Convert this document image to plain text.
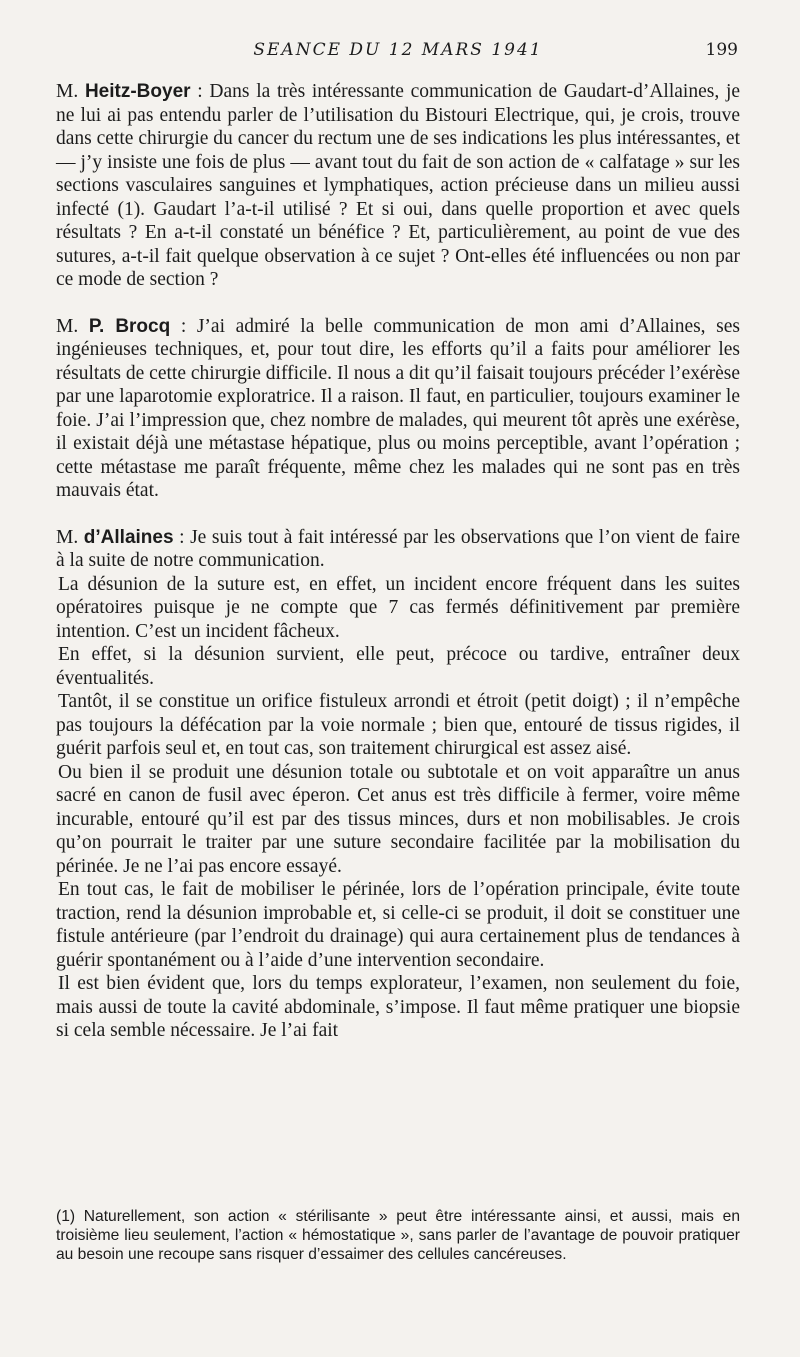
SEANCE DU 12 MARS 1941	199

M. Heitz-Boyer : Dans la très intéressante communication de Gaudart-d’Allaines, je ne lui ai pas entendu parler de l’utilisation du Bistouri Electrique, qui, je crois, trouve dans cette chirurgie du cancer du rectum une de ses indications les plus intéressantes, et — j’y insiste une fois de plus — avant tout du fait de son action de « calfatage » sur les sections vasculaires sanguines et lymphatiques, action précieuse dans un milieu aussi infecté (1). Gaudart l’a-t-il utilisé ? Et si oui, dans quelle proportion et avec quels résultats ? En a-t-il constaté un bénéfice ? Et, particulièrement, au point de vue des sutures, a-t-il fait quelque observation à ce sujet ? Ont-elles été influencées ou non par ce mode de section ?

M. P. Brocq : J’ai admiré la belle communication de mon ami d’Allaines, ses ingénieuses techniques, et, pour tout dire, les efforts qu’il a faits pour améliorer les résultats de cette chirurgie difficile. Il nous a dit qu’il faisait toujours précéder l’exérèse par une laparotomie exploratrice. Il a raison. Il faut, en particulier, toujours examiner le foie. J’ai l’impression que, chez nombre de malades, qui meurent tôt après une exérèse, il existait déjà une métastase hépatique, plus ou moins perceptible, avant l’opération ; cette métastase me paraît fréquente, même chez les malades qui ne sont pas en très mauvais état.

M. d’Allaines : Je suis tout à fait intéressé par les observations que l’on vient de faire à la suite de notre communication.

La désunion de la suture est, en effet, un incident encore fréquent dans les suites opératoires puisque je ne compte que 7 cas fermés définitivement par première intention. C’est un incident fâcheux.

En effet, si la désunion survient, elle peut, précoce ou tardive, entraîner deux éventualités.

Tantôt, il se constitue un orifice fistuleux arrondi et étroit (petit doigt) ; il n’empêche pas toujours la défécation par la voie normale ; bien que, entouré de tissus rigides, il guérit parfois seul et, en tout cas, son traitement chirurgical est assez aisé.

Ou bien il se produit une désunion totale ou subtotale et on voit apparaître un anus sacré en canon de fusil avec éperon. Cet anus est très difficile à fermer, voire même incurable, entouré qu’il est par des tissus minces, durs et non mobilisables. Je crois qu’on pourrait le traiter par une suture secondaire facilitée par la mobilisation du périnée. Je ne l’ai pas encore essayé.

En tout cas, le fait de mobiliser le périnée, lors de l’opération principale, évite toute traction, rend la désunion improbable et, si celle-ci se produit, il doit se constituer une fistule antérieure (par l’endroit du drainage) qui aura certainement plus de tendances à guérir spontanément ou à l’aide d’une intervention secondaire.

Il est bien évident que, lors du temps explorateur, l’examen, non seulement du foie, mais aussi de toute la cavité abdominale, s’impose. Il faut même pratiquer une biopsie si cela semble nécessaire. Je l’ai fait

(1) Naturellement, son action « stérilisante » peut être intéressante ainsi, et aussi, mais en troisième lieu seulement, l’action « hémostatique », sans parler de l’avantage de pouvoir pratiquer au besoin une recoupe sans risquer d’essaimer des cellules cancéreuses.
